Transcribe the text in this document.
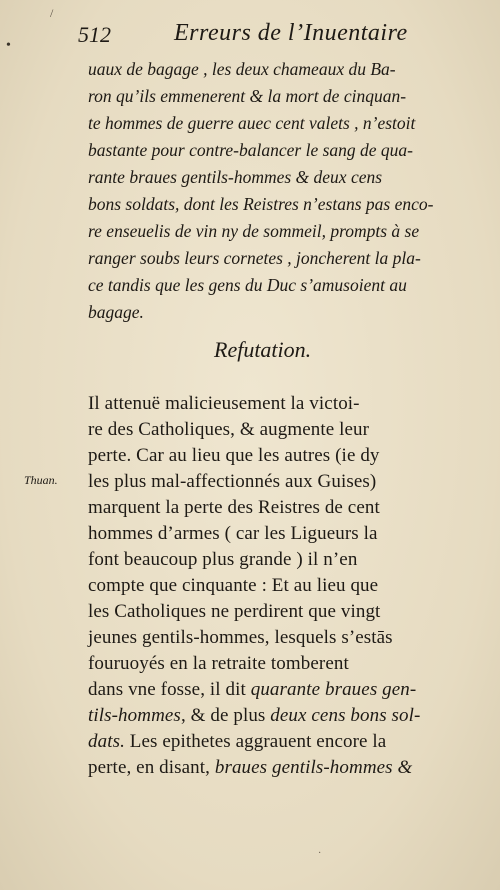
/
•	512	Erreurs de l’Inuentaire
uaux de bagage , les deux chameaux du Ba-
ron qu’ils emmenerent & la mort de cinquan-
te hommes de guerre auec cent valets , n’estoit
bastante pour contre-balancer le sang de qua-
rante braues gentils-hommes & deux cens
bons soldats, dont les Reistres n’estans pas enco-
re enseuelis de vin ny de sommeil, prompts à se
ranger soubs leurs cornetes , joncherent la pla-
ce tandis que les gens du Duc s’amusoient au
bagage.
Refutation.
Thuan.
Il attenuë malicieusement la victoi-
re des Catholiques, & augmente leur
perte. Car au lieu que les autres (ie dy
les plus mal-affectionnés aux Guises)
marquent la perte des Reistres de cent
hommes d’armes ( car les Ligueurs la
font beaucoup plus grande ) il n’en
compte que cinquante : Et au lieu que
les Catholiques ne perdirent que vingt
jeunes gentils-hommes, lesquels s’estās
fouruoyés en la retraite tomberent
dans vne fosse, il dit quarante braues gen-
tils-hommes, & de plus deux cens bons sol-
dats. Les epithetes aggrauent encore la
perte, en disant, braues gentils-hommes &
·
